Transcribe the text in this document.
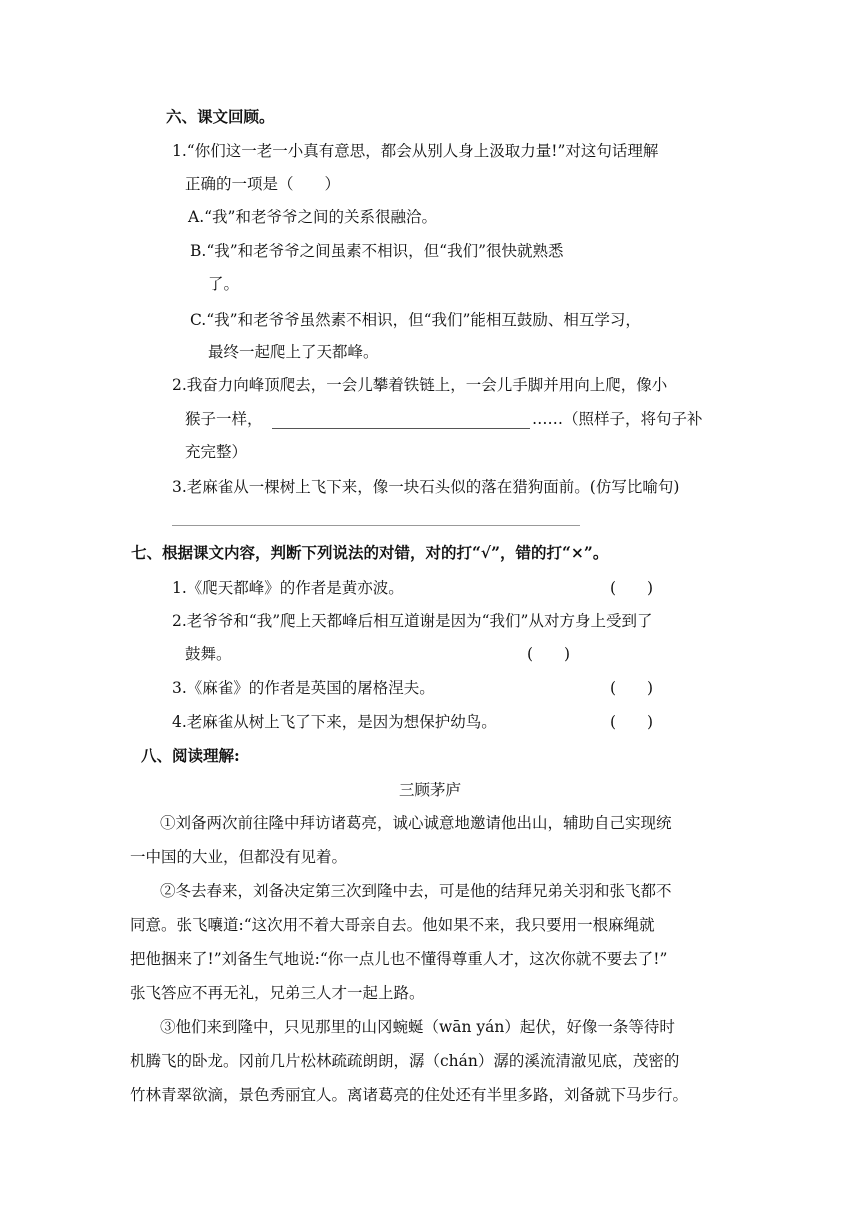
六、课文回顾。
1.“你们这一老一小真有意思，都会从别人身上汲取力量!”对这句话理解
正确的一项是（　　）
A.“我”和老爷爷之间的关系很融洽。
B.“我”和老爷爷之间虽素不相识，但“我们”很快就熟悉
了。
C.“我”和老爷爷虽然素不相识，但“我们”能相互鼓励、相互学习，
最终一起爬上了天都峰。
2.我奋力向峰顶爬去，一会儿攀着铁链上，一会儿手脚并用向上爬，像小
猴子一样，	……（照样子，将句子补
充完整）
3.老麻雀从一棵树上飞下来，像一块石头似的落在猎狗面前。(仿写比喻句)
七、根据课文内容，判断下列说法的对错，对的打“√”，错的打“×”。
1.《爬天都峰》的作者是黄亦波。	(　　)
2.老爷爷和“我”爬上天都峰后相互道谢是因为“我们”从对方身上受到了
鼓舞。	(　　)
3.《麻雀》的作者是英国的屠格涅夫。	(　　)
4.老麻雀从树上飞了下来，是因为想保护幼鸟。	(　　)
八、阅读理解:
三顾茅庐
①刘备两次前往隆中拜访诸葛亮，诚心诚意地邀请他出山，辅助自己实现统
一中国的大业，但都没有见着。
②冬去春来，刘备决定第三次到隆中去，可是他的结拜兄弟关羽和张飞都不
同意。张飞嚷道:“这次用不着大哥亲自去。他如果不来，我只要用一根麻绳就
把他捆来了!”刘备生气地说:“你一点儿也不懂得尊重人才，这次你就不要去了!”
张飞答应不再无礼，兄弟三人才一起上路。
③他们来到隆中，只见那里的山冈蜿蜒（wān yán）起伏，好像一条等待时
机腾飞的卧龙。冈前几片松林疏疏朗朗，潺（chán）潺的溪流清澈见底，茂密的
竹林青翠欲滴，景色秀丽宜人。离诸葛亮的住处还有半里多路，刘备就下马步行。
